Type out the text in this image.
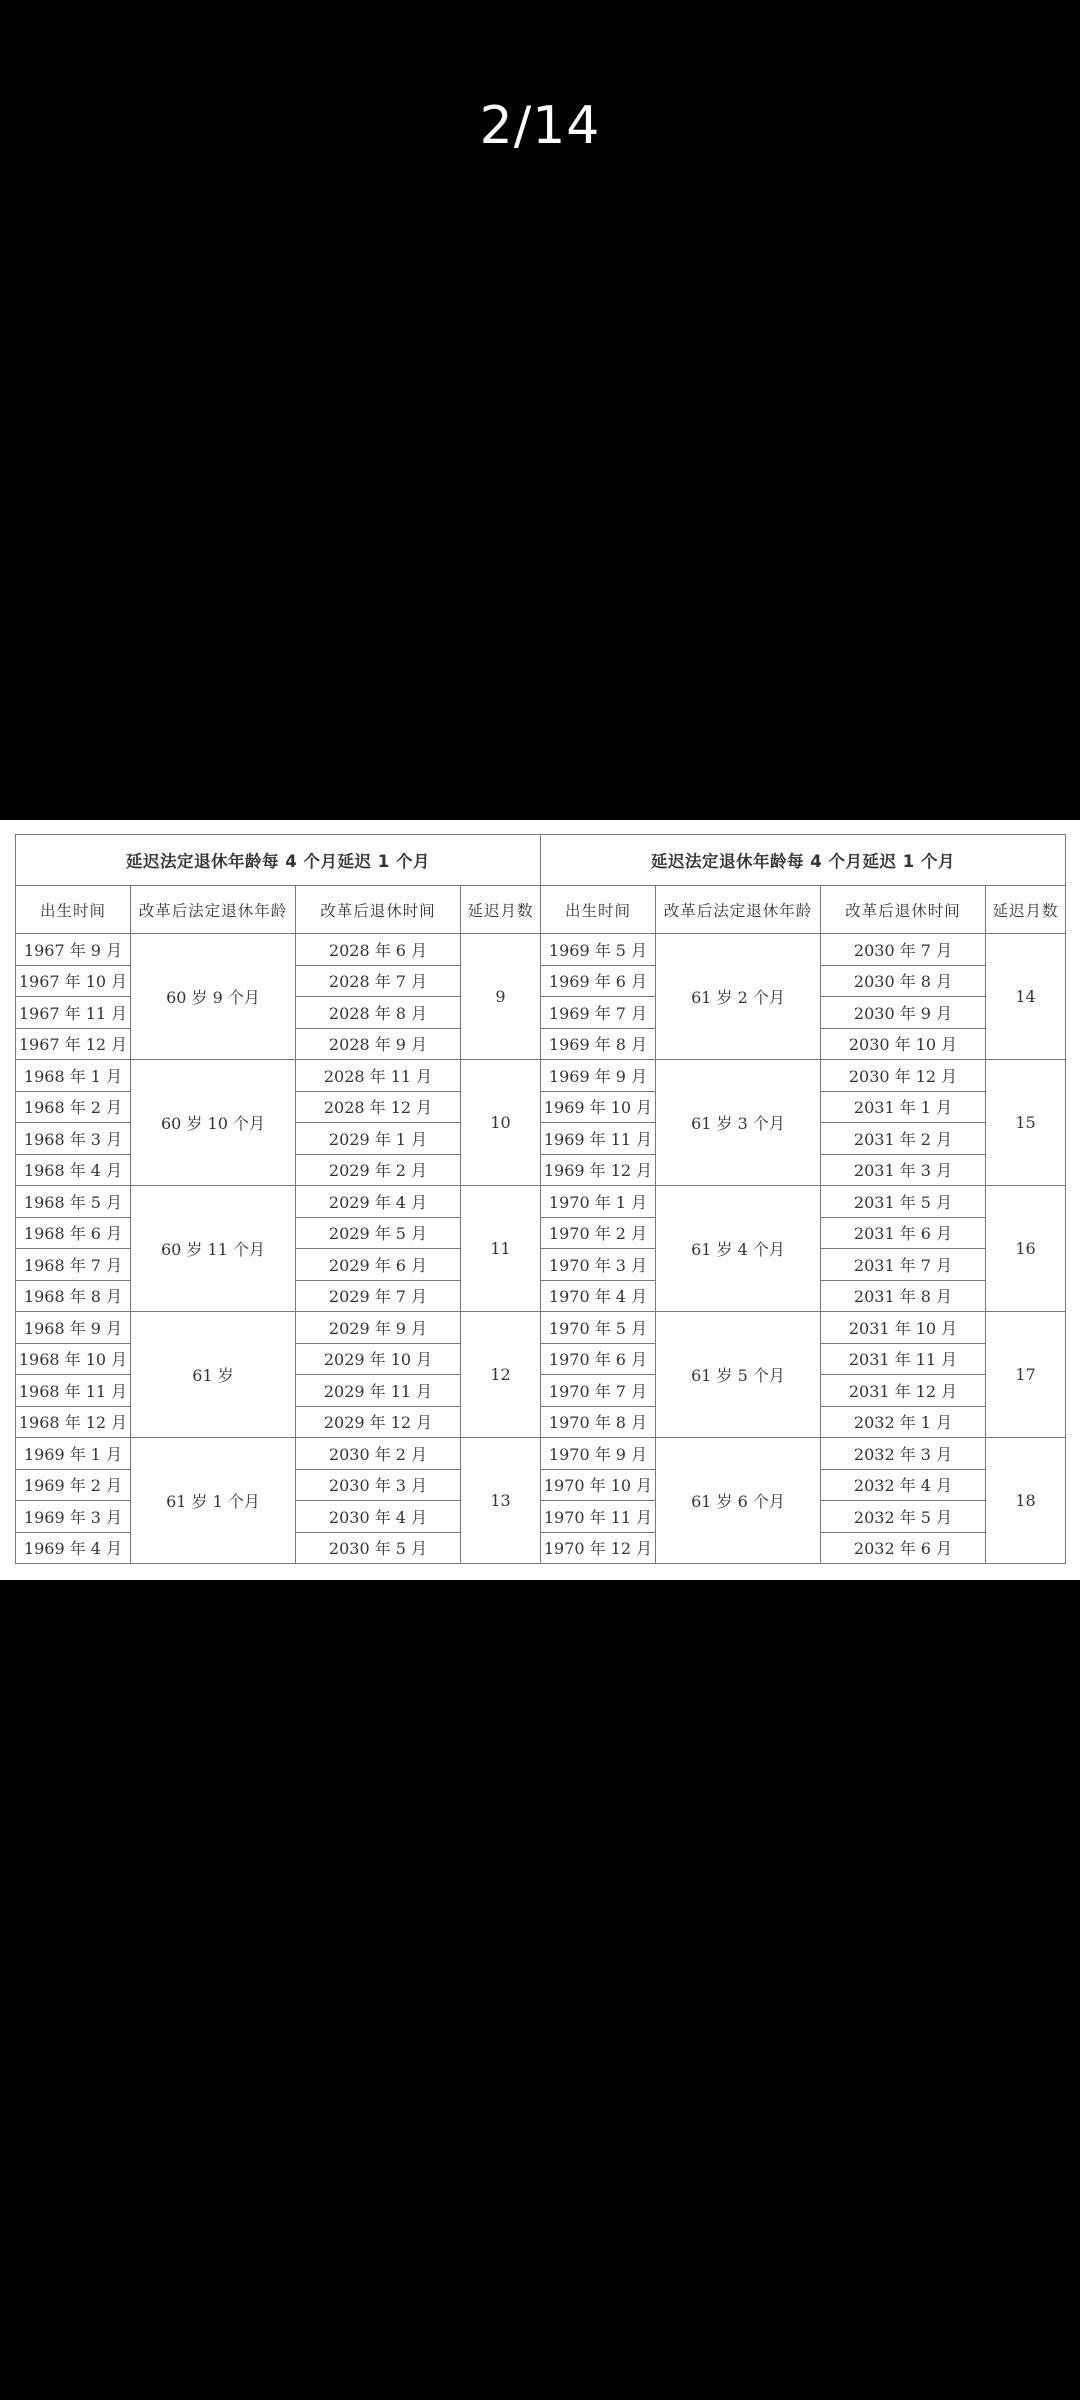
2/14
延迟法定退休年龄每 4 个月延迟 1 个月			
出生时间	改革后法定退休年龄	改革后退休时间	延迟月数
1967 年 9 月	60 岁 9 个月	2028 年 6 月	9
1967 年 10 月		2028 年 7 月	
1967 年 11 月		2028 年 8 月	
1967 年 12 月		2028 年 9 月	
1968 年 1 月	60 岁 10 个月	2028 年 11 月	10
1968 年 2 月		2028 年 12 月	
1968 年 3 月		2029 年 1 月	
1968 年 4 月		2029 年 2 月	
1968 年 5 月	60 岁 11 个月	2029 年 4 月	11
1968 年 6 月		2029 年 5 月	
1968 年 7 月		2029 年 6 月	
1968 年 8 月		2029 年 7 月	
1968 年 9 月	61 岁	2029 年 9 月	12
1968 年 10 月		2029 年 10 月	
1968 年 11 月		2029 年 11 月	
1968 年 12 月		2029 年 12 月	
1969 年 1 月	61 岁 1 个月	2030 年 2 月	13
1969 年 2 月		2030 年 3 月	
1969 年 3 月		2030 年 4 月	
1969 年 4 月		2030 年 5 月	
延迟法定退休年龄每 4 个月延迟 1 个月			
出生时间	改革后法定退休年龄	改革后退休时间	延迟月数
1969 年 5 月	61 岁 2 个月	2030 年 7 月	14
1969 年 6 月		2030 年 8 月	
1969 年 7 月		2030 年 9 月	
1969 年 8 月		2030 年 10 月	
1969 年 9 月	61 岁 3 个月	2030 年 12 月	15
1969 年 10 月		2031 年 1 月	
1969 年 11 月		2031 年 2 月	
1969 年 12 月		2031 年 3 月	
1970 年 1 月	61 岁 4 个月	2031 年 5 月	16
1970 年 2 月		2031 年 6 月	
1970 年 3 月		2031 年 7 月	
1970 年 4 月		2031 年 8 月	
1970 年 5 月	61 岁 5 个月	2031 年 10 月	17
1970 年 6 月		2031 年 11 月	
1970 年 7 月		2031 年 12 月	
1970 年 8 月		2032 年 1 月	
1970 年 9 月	61 岁 6 个月	2032 年 3 月	18
1970 年 10 月		2032 年 4 月	
1970 年 11 月		2032 年 5 月	
1970 年 12 月		2032 年 6 月	
